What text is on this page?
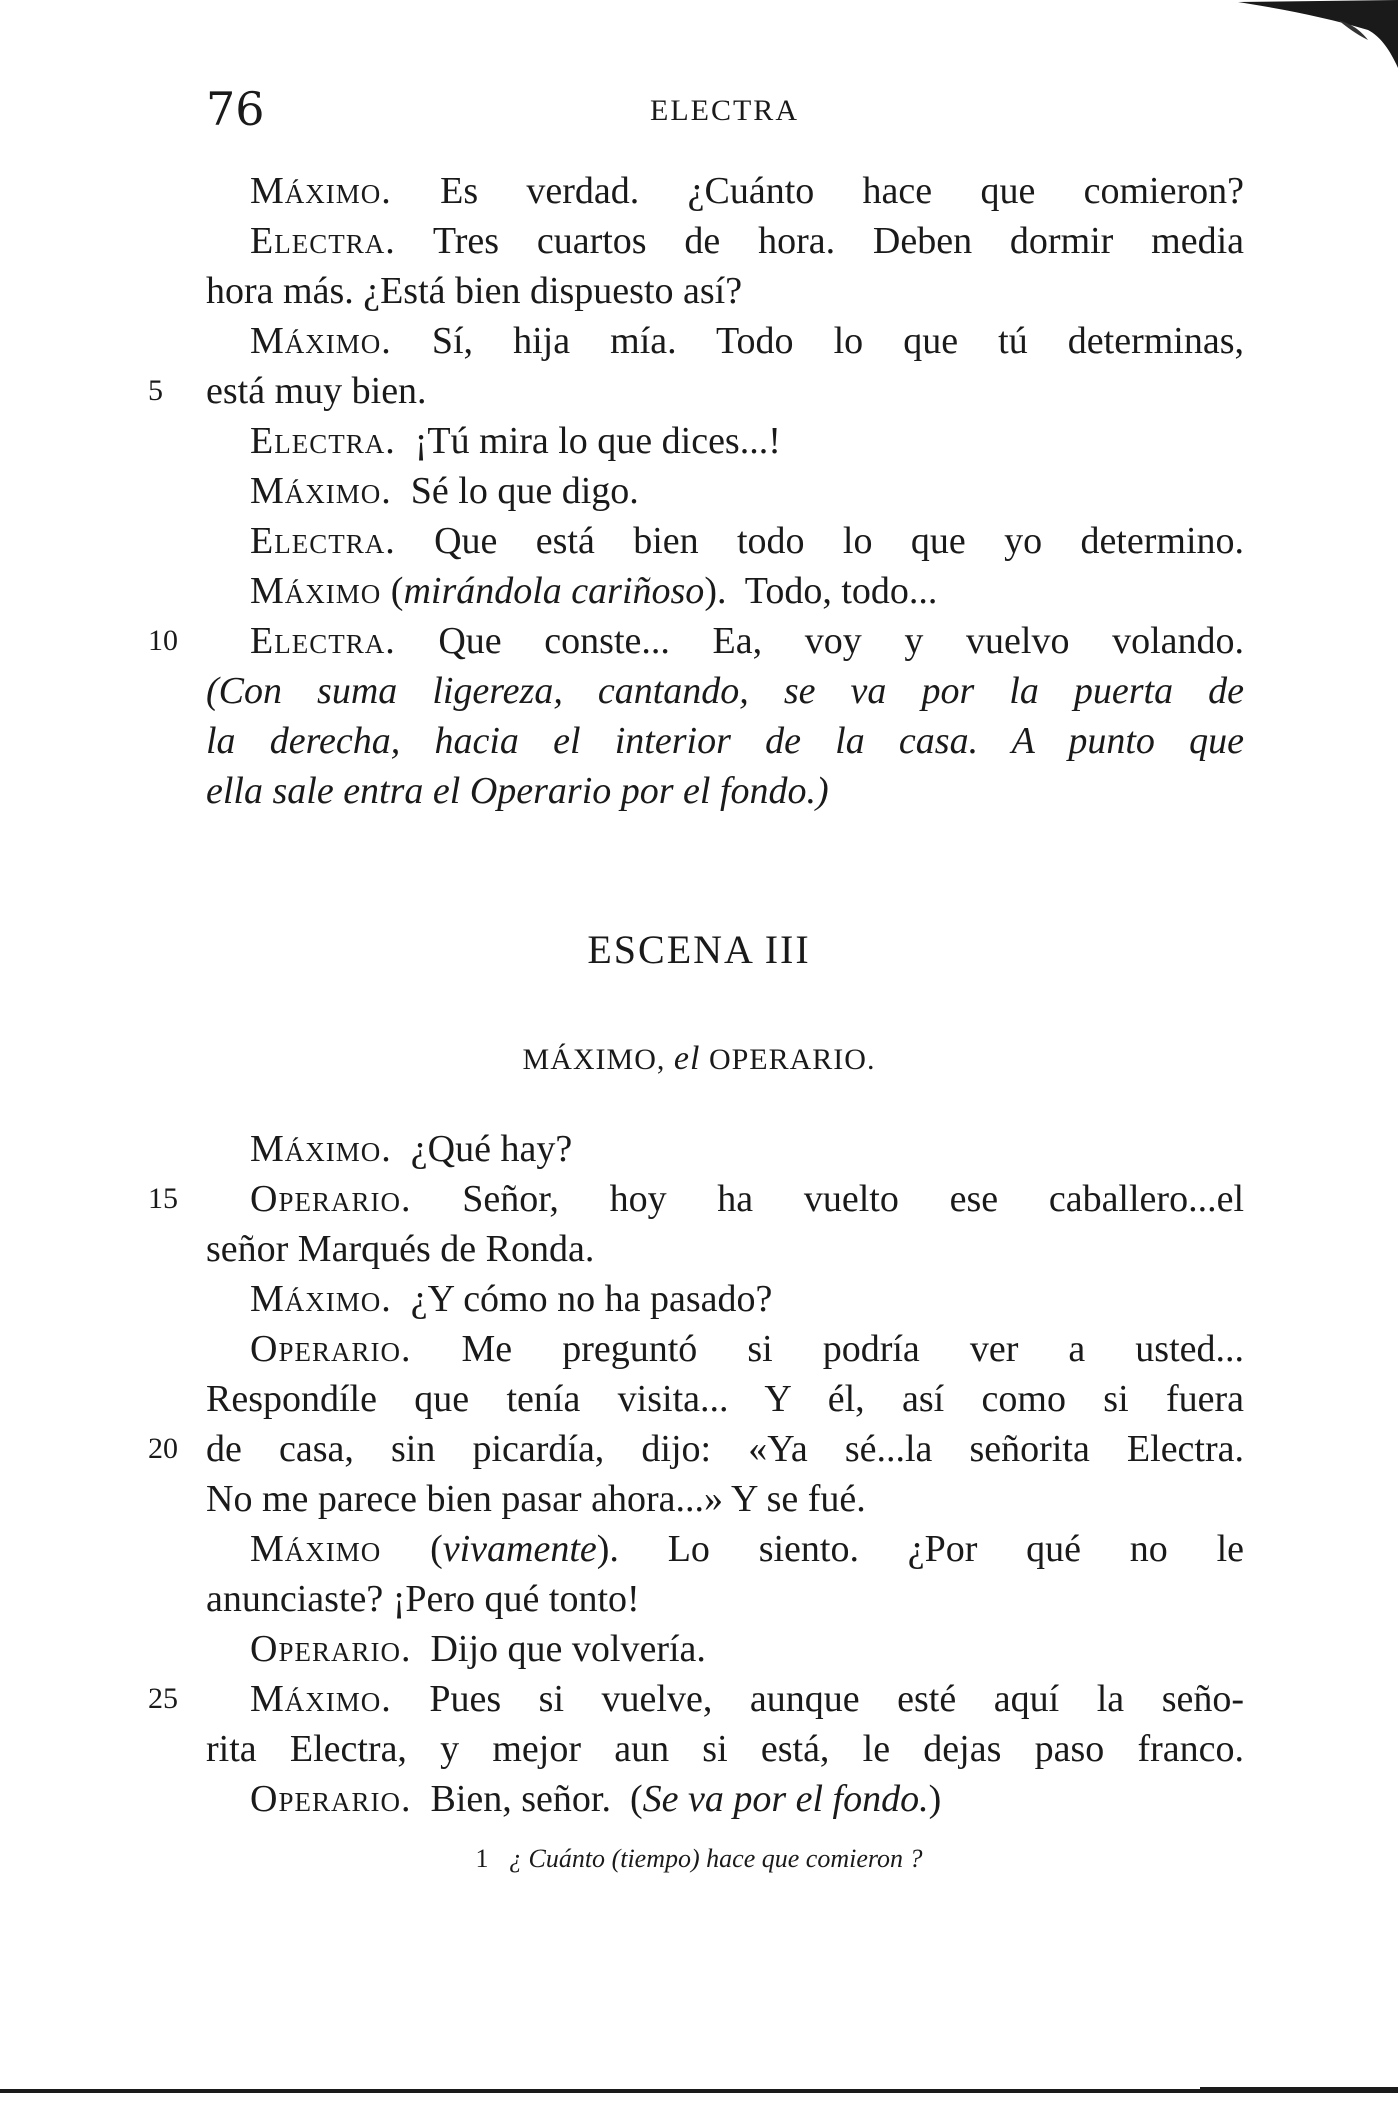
76	ELECTRA
Máximo. Es verdad. ¿Cuánto hace que comieron?
Electra. Tres cuartos de hora. Deben dormir media
hora más. ¿Está bien dispuesto así?
Máximo. Sí, hija mía. Todo lo que tú determinas,
5 está muy bien.
Electra. ¡Tú mira lo que dices...!
Máximo. Sé lo que digo.
Electra. Que está bien todo lo que yo determino.
Máximo (mirándola cariñoso).  Todo, todo...
10 Electra. Que conste... Ea, voy y vuelvo volando.
(Con suma ligereza, cantando, se va por la puerta de
la derecha, hacia el interior de la casa. A punto que
ella sale entra el Operario por el fondo.)
ESCENA III
MÁXIMO, el OPERARIO.
Máximo. ¿Qué hay?
15 Operario. Señor, hoy ha vuelto ese caballero...el
señor Marqués de Ronda.
Máximo. ¿Y cómo no ha pasado?
Operario. Me preguntó si podría ver a usted...
Respondíle que tenía visita... Y él, así como si fuera
20 de casa, sin picardía, dijo: «Ya sé...la señorita Electra.
No me parece bien pasar ahora...» Y se fué.
Máximo (vivamente). Lo siento. ¿Por qué no le
anunciaste? ¡Pero qué tonto!
Operario. Dijo que volvería.
25 Máximo. Pues si vuelve, aunque esté aquí la seño-
rita Electra, y mejor aun si está, le dejas paso franco.
Operario. Bien, señor.  (Se va por el fondo.)
1 ¿ Cuánto (tiempo) hace que comieron ?
